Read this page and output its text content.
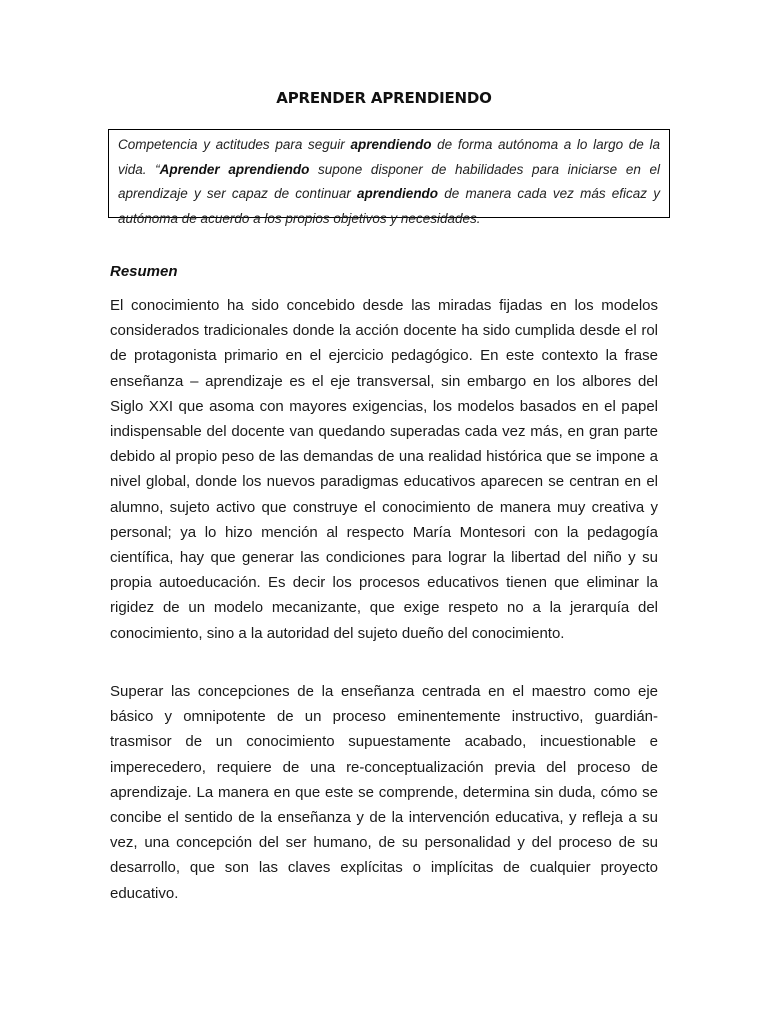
APRENDER APRENDIENDO
Competencia y actitudes para seguir aprendiendo de forma autónoma a lo largo de la vida. “Aprender aprendiendo supone disponer de habilidades para iniciarse en el aprendizaje y ser capaz de continuar aprendiendo de manera cada vez más eficaz y autónoma de acuerdo a los propios objetivos y necesidades.
Resumen
El conocimiento ha sido concebido desde las miradas fijadas en los modelos considerados tradicionales donde la acción docente ha sido cumplida desde el rol de protagonista primario en el ejercicio pedagógico. En este contexto la frase enseñanza – aprendizaje es el eje transversal, sin embargo en los albores del Siglo XXI que asoma con mayores exigencias, los modelos basados en el papel indispensable del docente van quedando superadas cada vez más, en gran parte debido al propio peso de las demandas de una realidad histórica que se impone a nivel global, donde los nuevos paradigmas educativos aparecen se centran en el alumno, sujeto activo que construye el conocimiento de manera muy creativa y personal; ya lo hizo mención al respecto María Montesori con la pedagogía científica, hay que generar las condiciones para lograr la libertad del niño y su propia autoeducación. Es decir los procesos educativos tienen que eliminar la rigidez de un modelo mecanizante, que exige respeto no a la jerarquía del conocimiento, sino a la autoridad del sujeto dueño del conocimiento.
Superar las concepciones de la enseñanza centrada en el maestro como eje básico y omnipotente de un proceso eminentemente instructivo, guardián-trasmisor de un conocimiento supuestamente acabado, incuestionable e imperecedero, requiere de una re-conceptualización previa del proceso de aprendizaje. La manera en que este se comprende, determina sin duda, cómo se concibe el sentido de la enseñanza y de la intervención educativa, y refleja a su vez, una concepción del ser humano, de su personalidad y del proceso de su desarrollo, que son las claves explícitas o implícitas de cualquier proyecto educativo.
